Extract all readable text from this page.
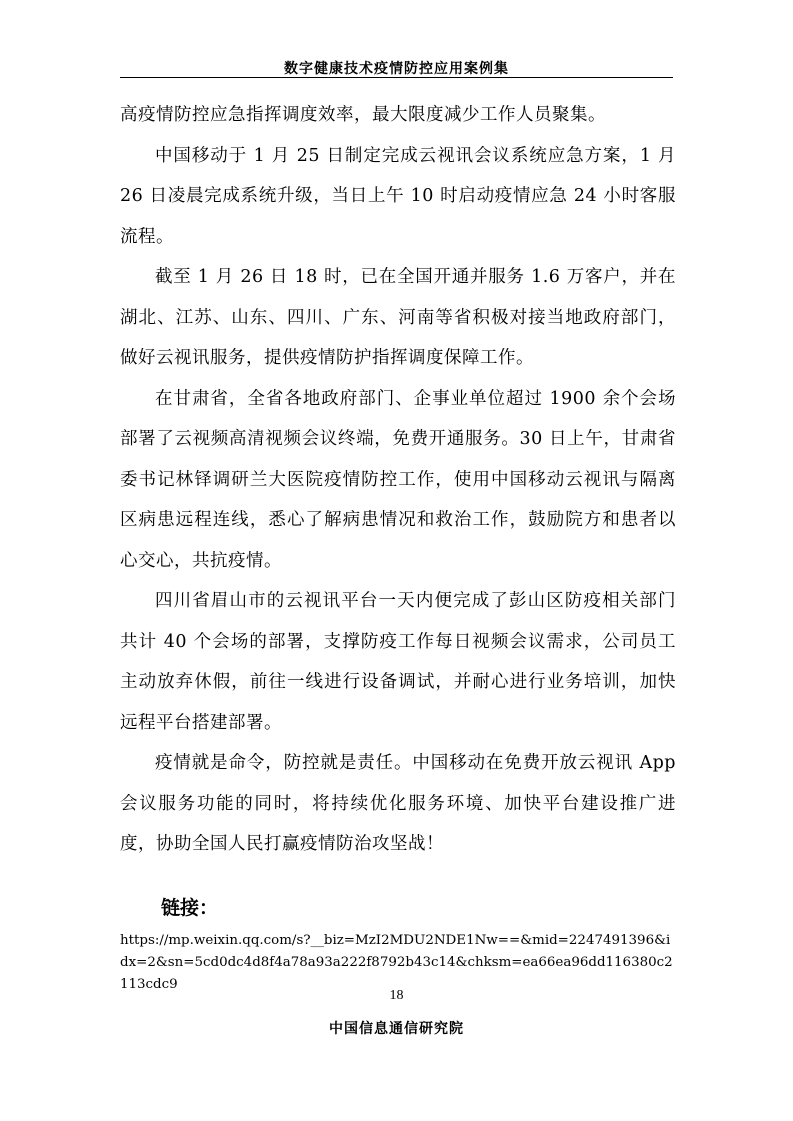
数字健康技术疫情防控应用案例集

高疫情防控应急指挥调度效率，最大限度减少工作人员聚集。

中国移动于 1 月 25 日制定完成云视讯会议系统应急方案，1 月 26 日凌晨完成系统升级，当日上午 10 时启动疫情应急 24 小时客服流程。

截至 1 月 26 日 18 时，已在全国开通并服务 1.6 万客户，并在湖北、江苏、山东、四川、广东、河南等省积极对接当地政府部门，做好云视讯服务，提供疫情防护指挥调度保障工作。

在甘肃省，全省各地政府部门、企事业单位超过 1900 余个会场部署了云视频高清视频会议终端，免费开通服务。30 日上午，甘肃省委书记林铎调研兰大医院疫情防控工作，使用中国移动云视讯与隔离区病患远程连线，悉心了解病患情况和救治工作，鼓励院方和患者以心交心，共抗疫情。

四川省眉山市的云视讯平台一天内便完成了彭山区防疫相关部门共计 40 个会场的部署，支撑防疫工作每日视频会议需求，公司员工主动放弃休假，前往一线进行设备调试，并耐心进行业务培训，加快远程平台搭建部署。

疫情就是命令，防控就是责任。中国移动在免费开放云视讯 App 会议服务功能的同时，将持续优化服务环境、加快平台建设推广进度，协助全国人民打赢疫情防治攻坚战！

链接：
https://mp.weixin.qq.com/s?__biz=MzI2MDU2NDE1Nw==&mid=2247491396&idx=2&sn=5cd0dc4d8f4a78a93a222f8792b43c14&chksm=ea66ea96dd116380c2113cdc9
18
中国信息通信研究院
